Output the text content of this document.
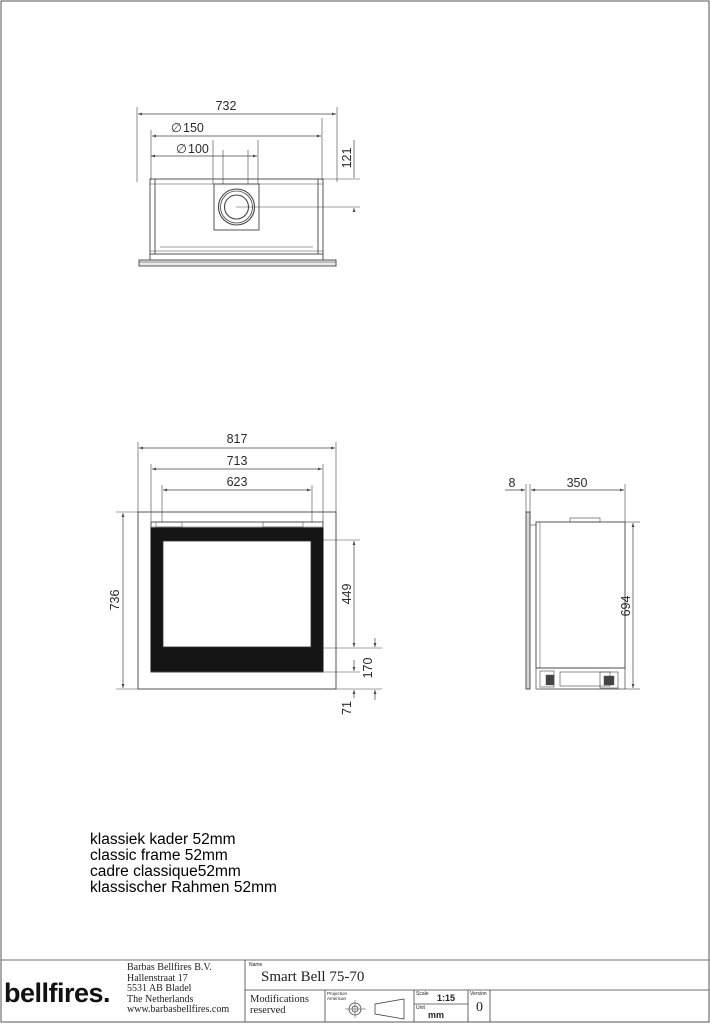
732
∅ 150
∅ 100	121
817
713
623
736	449
170
71
8	350
694
klassiek kader 52mm
classic frame 52mm
cadre classique52mm
klassischer Rahmen 52mm
bellfires.
Barbas Bellfires B.V.
Hallenstraat 17
5531 AB Bladel
The Netherlands
www.barbasbellfires.com
Name
Smart Bell 75-70
Modifications
reserved
Projection
American
Scale 1:15
Unit
mm
Version
0
